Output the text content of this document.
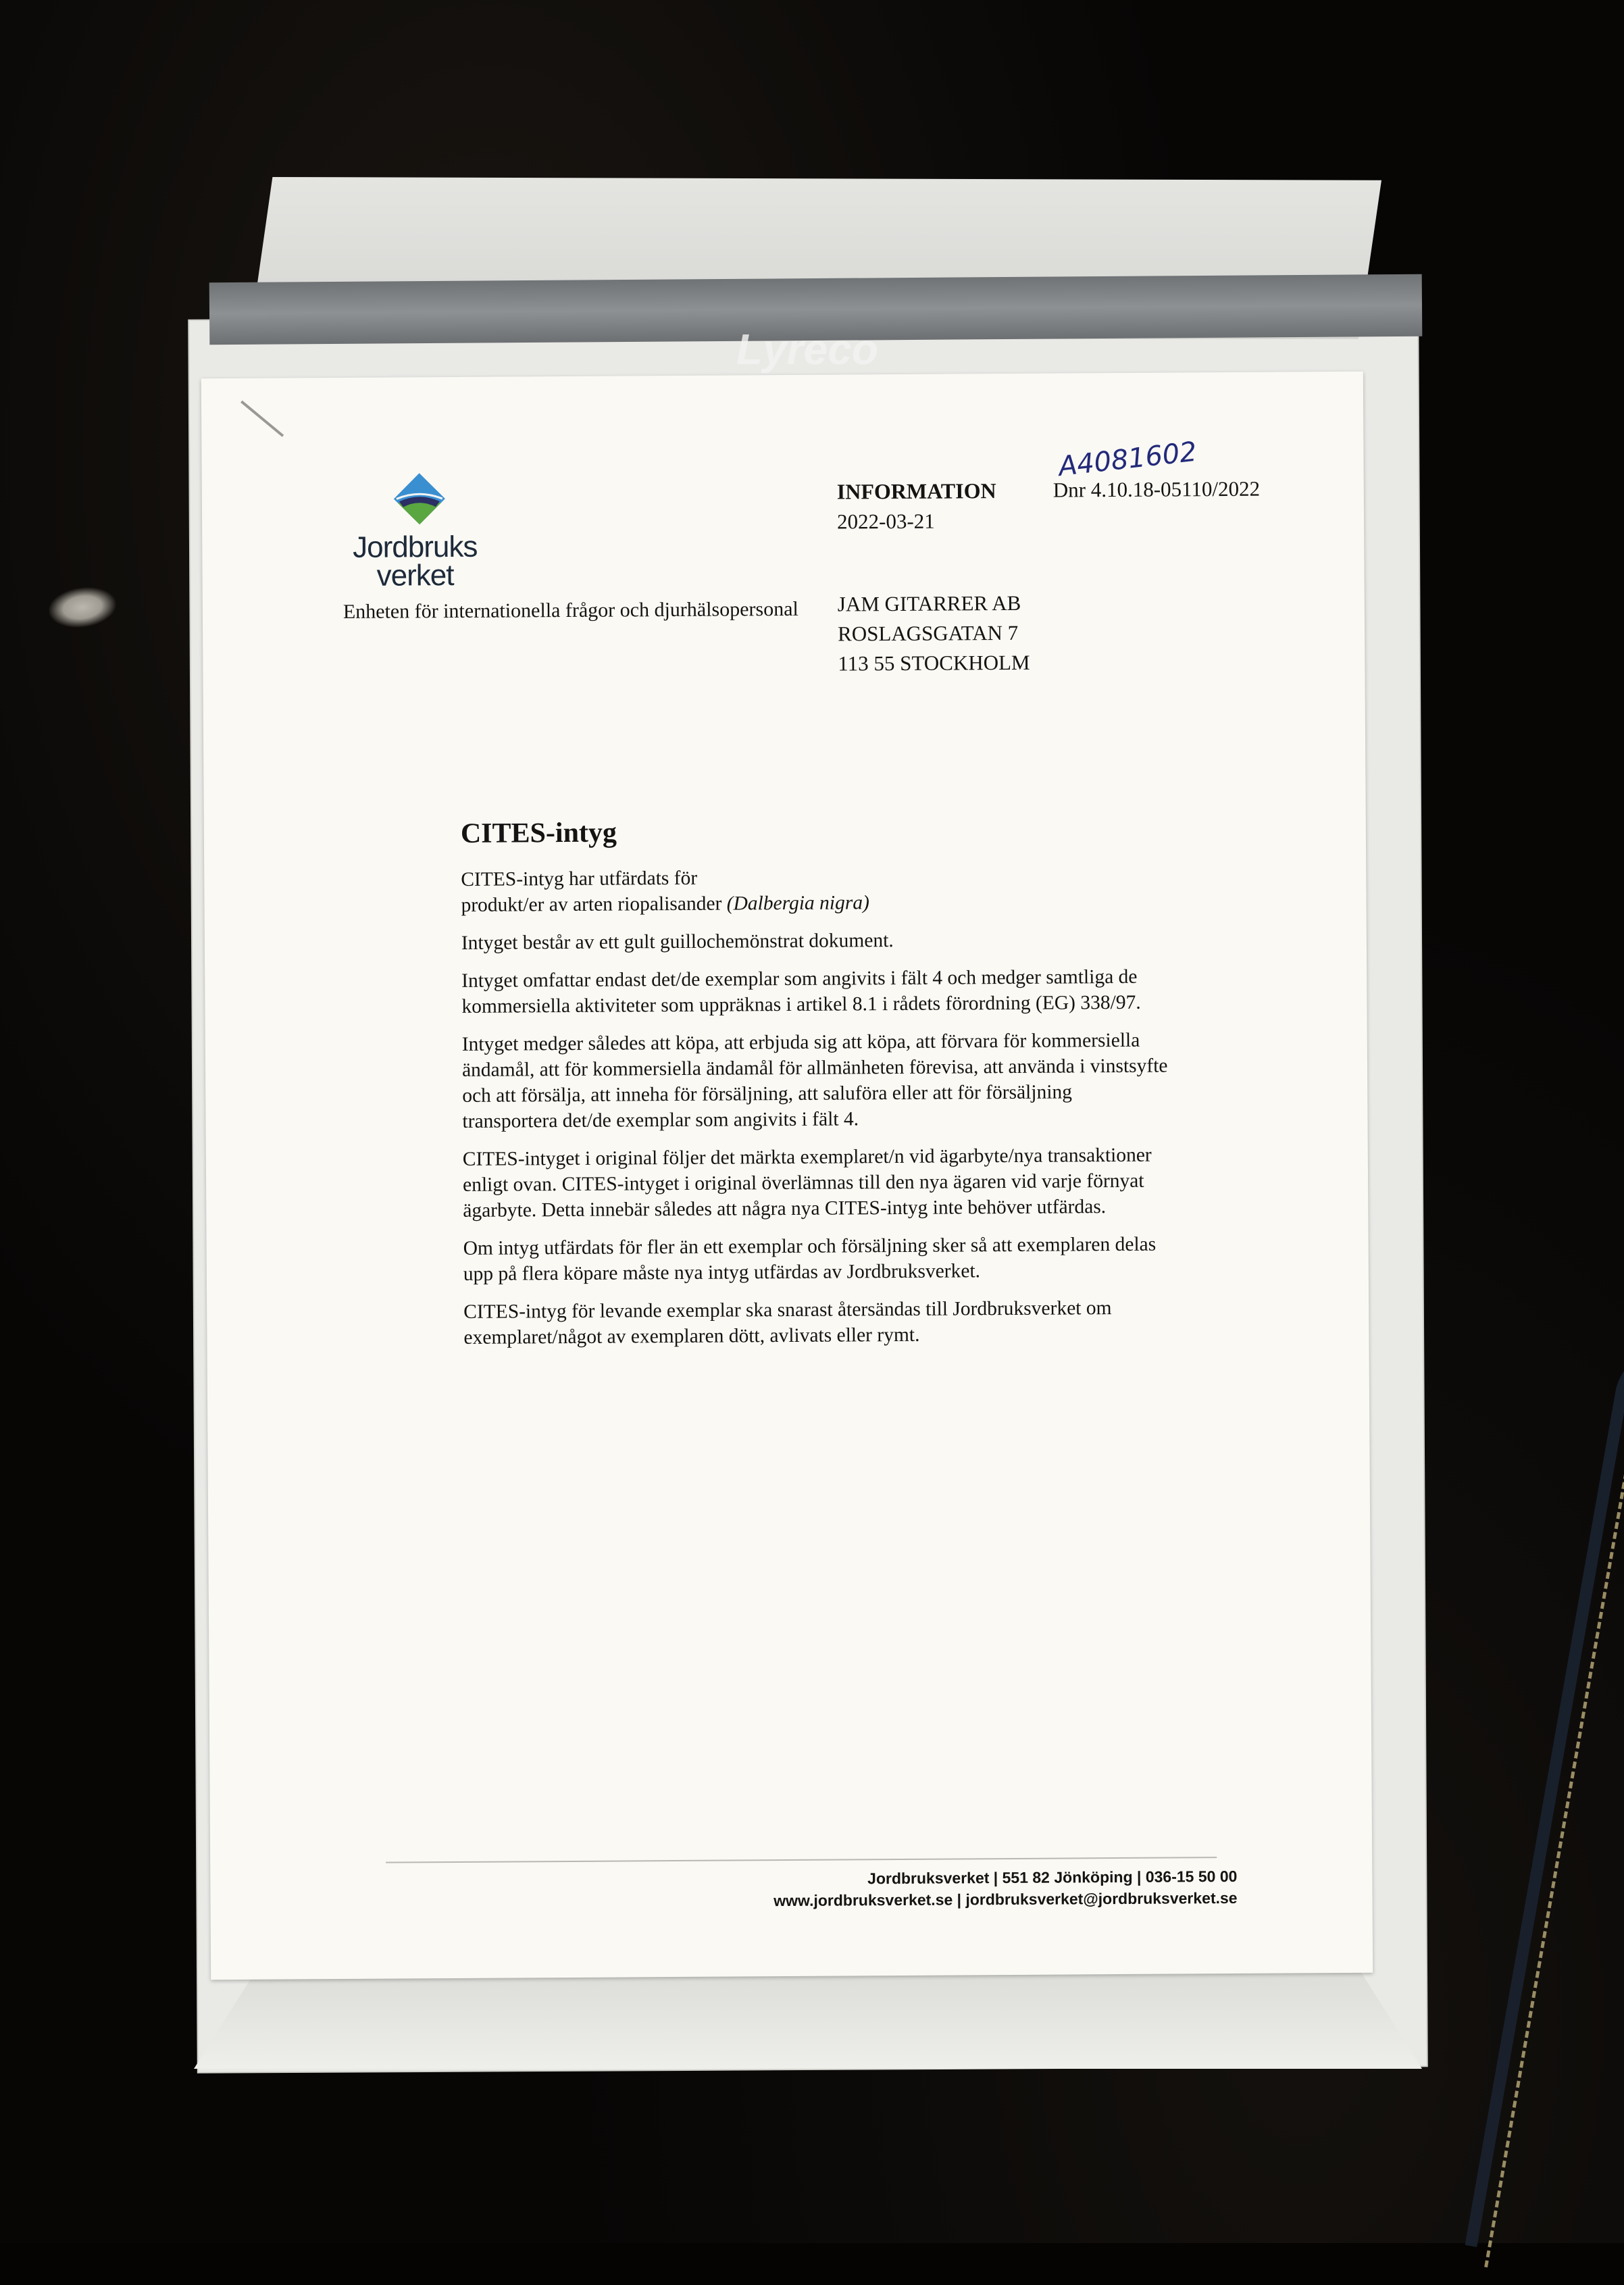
Lyreco
Jordbruks
verket
A4081602
INFORMATION
2022-03-21
Dnr 4.10.18-05110/2022
Enheten för internationella frågor och djurhälsopersonal JAM GITARRER AB
ROSLAGSGATAN 7
113 55 STOCKHOLM
CITES-intyg

CITES-intyg har utfärdats för
produkt/er av arten riopalisander (Dalbergia nigra)

Intyget består av ett gult guillochemönstrat dokument.

Intyget omfattar endast det/de exemplar som angivits i fält 4 och medger samtliga de kommersiella aktiviteter som uppräknas i artikel 8.1 i rådets förordning (EG) 338/97.

Intyget medger således att köpa, att erbjuda sig att köpa, att förvara för kommersiella ändamål, att för kommersiella ändamål för allmänheten förevisa, att använda i vinstsyfte och att försälja, att inneha för försäljning, att saluföra eller att för försäljning transportera det/de exemplar som angivits i fält 4.

CITES-intyget i original följer det märkta exemplaret/n vid ägarbyte/nya transaktioner enligt ovan. CITES-intyget i original överlämnas till den nya ägaren vid varje förnyat ägarbyte. Detta innebär således att några nya CITES-intyg inte behöver utfärdas.

Om intyg utfärdats för fler än ett exemplar och försäljning sker så att exemplaren delas upp på flera köpare måste nya intyg utfärdas av Jordbruksverket.

CITES-intyg för levande exemplar ska snarast återsändas till Jordbruksverket om exemplaret/något av exemplaren dött, avlivats eller rymt.

Jordbruksverket | 551 82 Jönköping | 036-15 50 00
www.jordbruksverket.se | jordbruksverket@jordbruksverket.se
